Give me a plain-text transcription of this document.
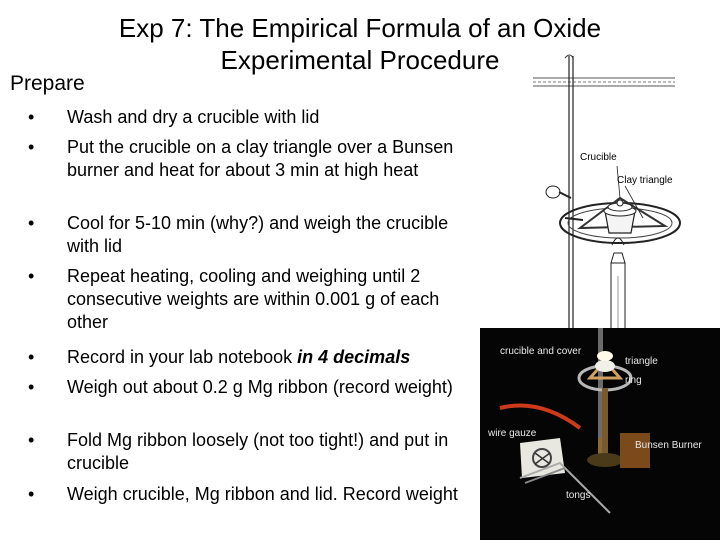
Exp 7: The Empirical Formula of an Oxide
Experimental Procedure
Prepare
•	Wash and dry a crucible with lid
•	Put the crucible on a clay triangle over a Bunsen burner and heat for about 3 min at high heat
•	Cool for 5-10 min (why?) and weigh the crucible with lid
•	Repeat heating, cooling and weighing until 2 consecutive weights are within 0.001 g of each other
•	Record in your lab notebook in 4 decimals
•	Weigh out about 0.2 g Mg ribbon (record weight)
•	Fold Mg ribbon loosely (not too tight!) and put in crucible
•	Weigh crucible, Mg ribbon and lid. Record weight
Crucible
Clay triangle
crucible and cover
triangle
ring
wire gauze
Bunsen Burner
tongs
